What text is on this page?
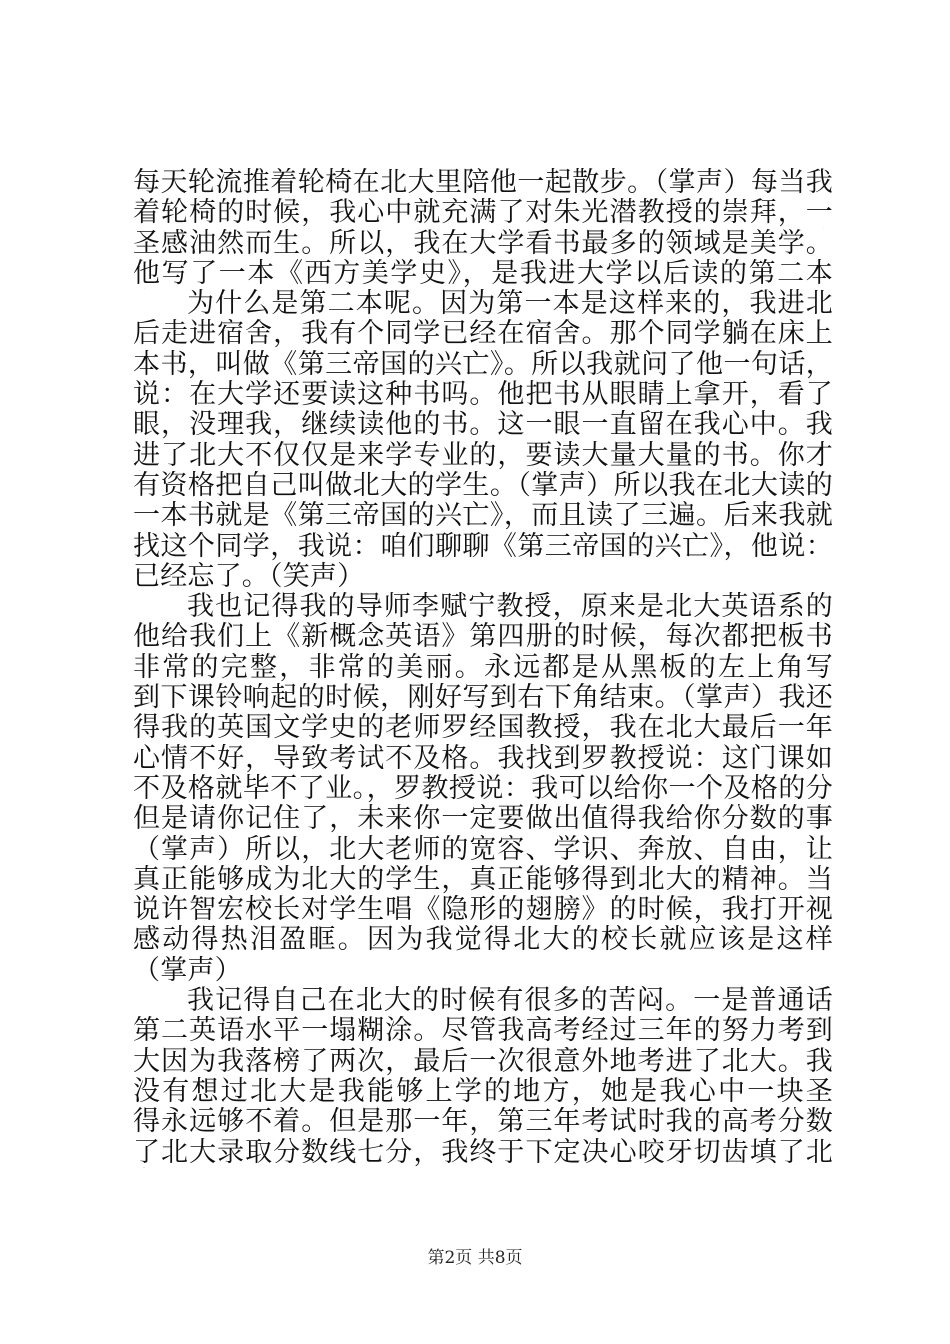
每天轮流推着轮椅在北大里陪他一起散步。（掌声）每当我
着轮椅的时候，我心中就充满了对朱光潜教授的崇拜，一
圣感油然而生。所以，我在大学看书最多的领域是美学。
他写了一本《西方美学史》，是我进大学以后读的第二本
为什么是第二本呢。因为第一本是这样来的，我进北
后走进宿舍，我有个同学已经在宿舍。那个同学躺在床上
本书，叫做《第三帝国的兴亡》。所以我就问了他一句话，
说：在大学还要读这种书吗。他把书从眼睛上拿开，看了
眼，没理我，继续读他的书。这一眼一直留在我心中。我
进了北大不仅仅是来学专业的，要读大量大量的书。你才
有资格把自己叫做北大的学生。（掌声）所以我在北大读的
一本书就是《第三帝国的兴亡》，而且读了三遍。后来我就
找这个同学，我说：咱们聊聊《第三帝国的兴亡》，他说：
已经忘了。（笑声）
我也记得我的导师李赋宁教授，原来是北大英语系的
他给我们上《新概念英语》第四册的时候，每次都把板书
非常的完整，非常的美丽。永远都是从黑板的左上角写
到下课铃响起的时候，刚好写到右下角结束。（掌声）我还
得我的英国文学史的老师罗经国教授，我在北大最后一年
心情不好，导致考试不及格。我找到罗教授说：这门课如
不及格就毕不了业。，罗教授说：我可以给你一个及格的分
但是请你记住了，未来你一定要做出值得我给你分数的事
（掌声）所以，北大老师的宽容、学识、奔放、自由，让
真正能够成为北大的学生，真正能够得到北大的精神。当
说许智宏校长对学生唱《隐形的翅膀》的时候，我打开视
感动得热泪盈眶。因为我觉得北大的校长就应该是这样
（掌声）
我记得自己在北大的时候有很多的苦闷。一是普通话
第二英语水平一塌糊涂。尽管我高考经过三年的努力考到
大因为我落榜了两次，最后一次很意外地考进了北大。我
没有想过北大是我能够上学的地方，她是我心中一块圣
得永远够不着。但是那一年，第三年考试时我的高考分数
了北大录取分数线七分，我终于下定决心咬牙切齿填了北
第2页 共8页
